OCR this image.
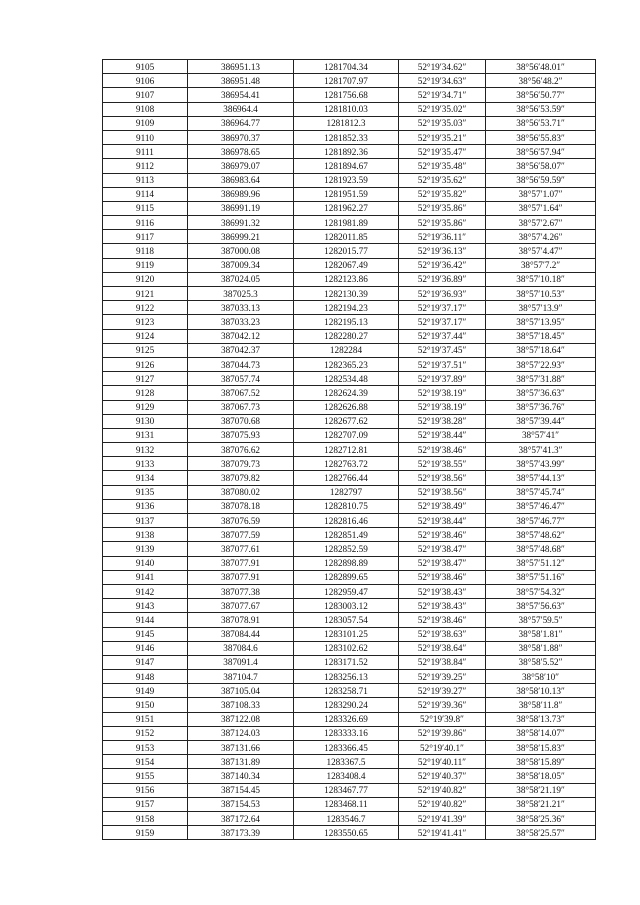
9105	386951.13	1281704.34	52°19′34.62″	38°56′48.01″
9106	386951.48	1281707.97	52°19′34.63″	38°56′48.2″
9107	386954.41	1281756.68	52°19′34.71″	38°56′50.77″
9108	386964.4	1281810.03	52°19′35.02″	38°56′53.59″
9109	386964.77	1281812.3	52°19′35.03″	38°56′53.71″
9110	386970.37	1281852.33	52°19′35.21″	38°56′55.83″
9111	386978.65	1281892.36	52°19′35.47″	38°56′57.94″
9112	386979.07	1281894.67	52°19′35.48″	38°56′58.07″
9113	386983.64	1281923.59	52°19′35.62″	38°56′59.59″
9114	386989.96	1281951.59	52°19′35.82″	38°57′1.07″
9115	386991.19	1281962.27	52°19′35.86″	38°57′1.64″
9116	386991.32	1281981.89	52°19′35.86″	38°57′2.67″
9117	386999.21	1282011.85	52°19′36.11″	38°57′4.26″
9118	387000.08	1282015.77	52°19′36.13″	38°57′4.47″
9119	387009.34	1282067.49	52°19′36.42″	38°57′7.2″
9120	387024.05	1282123.86	52°19′36.89″	38°57′10.18″
9121	387025.3	1282130.39	52°19′36.93″	38°57′10.53″
9122	387033.13	1282194.23	52°19′37.17″	38°57′13.9″
9123	387033.23	1282195.13	52°19′37.17″	38°57′13.95″
9124	387042.12	1282280.27	52°19′37.44″	38°57′18.45″
9125	387042.37	1282284	52°19′37.45″	38°57′18.64″
9126	387044.73	1282365.23	52°19′37.51″	38°57′22.93″
9127	387057.74	1282534.48	52°19′37.89″	38°57′31.88″
9128	387067.52	1282624.39	52°19′38.19″	38°57′36.63″
9129	387067.73	1282626.88	52°19′38.19″	38°57′36.76″
9130	387070.68	1282677.62	52°19′38.28″	38°57′39.44″
9131	387075.93	1282707.09	52°19′38.44″	38°57′41″
9132	387076.62	1282712.81	52°19′38.46″	38°57′41.3″
9133	387079.73	1282763.72	52°19′38.55″	38°57′43.99″
9134	387079.82	1282766.44	52°19′38.56″	38°57′44.13″
9135	387080.02	1282797	52°19′38.56″	38°57′45.74″
9136	387078.18	1282810.75	52°19′38.49″	38°57′46.47″
9137	387076.59	1282816.46	52°19′38.44″	38°57′46.77″
9138	387077.59	1282851.49	52°19′38.46″	38°57′48.62″
9139	387077.61	1282852.59	52°19′38.47″	38°57′48.68″
9140	387077.91	1282898.89	52°19′38.47″	38°57′51.12″
9141	387077.91	1282899.65	52°19′38.46″	38°57′51.16″
9142	387077.38	1282959.47	52°19′38.43″	38°57′54.32″
9143	387077.67	1283003.12	52°19′38.43″	38°57′56.63″
9144	387078.91	1283057.54	52°19′38.46″	38°57′59.5″
9145	387084.44	1283101.25	52°19′38.63″	38°58′1.81″
9146	387084.6	1283102.62	52°19′38.64″	38°58′1.88″
9147	387091.4	1283171.52	52°19′38.84″	38°58′5.52″
9148	387104.7	1283256.13	52°19′39.25″	38°58′10″
9149	387105.04	1283258.71	52°19′39.27″	38°58′10.13″
9150	387108.33	1283290.24	52°19′39.36″	38°58′11.8″
9151	387122.08	1283326.69	52°19′39.8″	38°58′13.73″
9152	387124.03	1283333.16	52°19′39.86″	38°58′14.07″
9153	387131.66	1283366.45	52°19′40.1″	38°58′15.83″
9154	387131.89	1283367.5	52°19′40.11″	38°58′15.89″
9155	387140.34	1283408.4	52°19′40.37″	38°58′18.05″
9156	387154.45	1283467.77	52°19′40.82″	38°58′21.19″
9157	387154.53	1283468.11	52°19′40.82″	38°58′21.21″
9158	387172.64	1283546.7	52°19′41.39″	38°58′25.36″
9159	387173.39	1283550.65	52°19′41.41″	38°58′25.57″
